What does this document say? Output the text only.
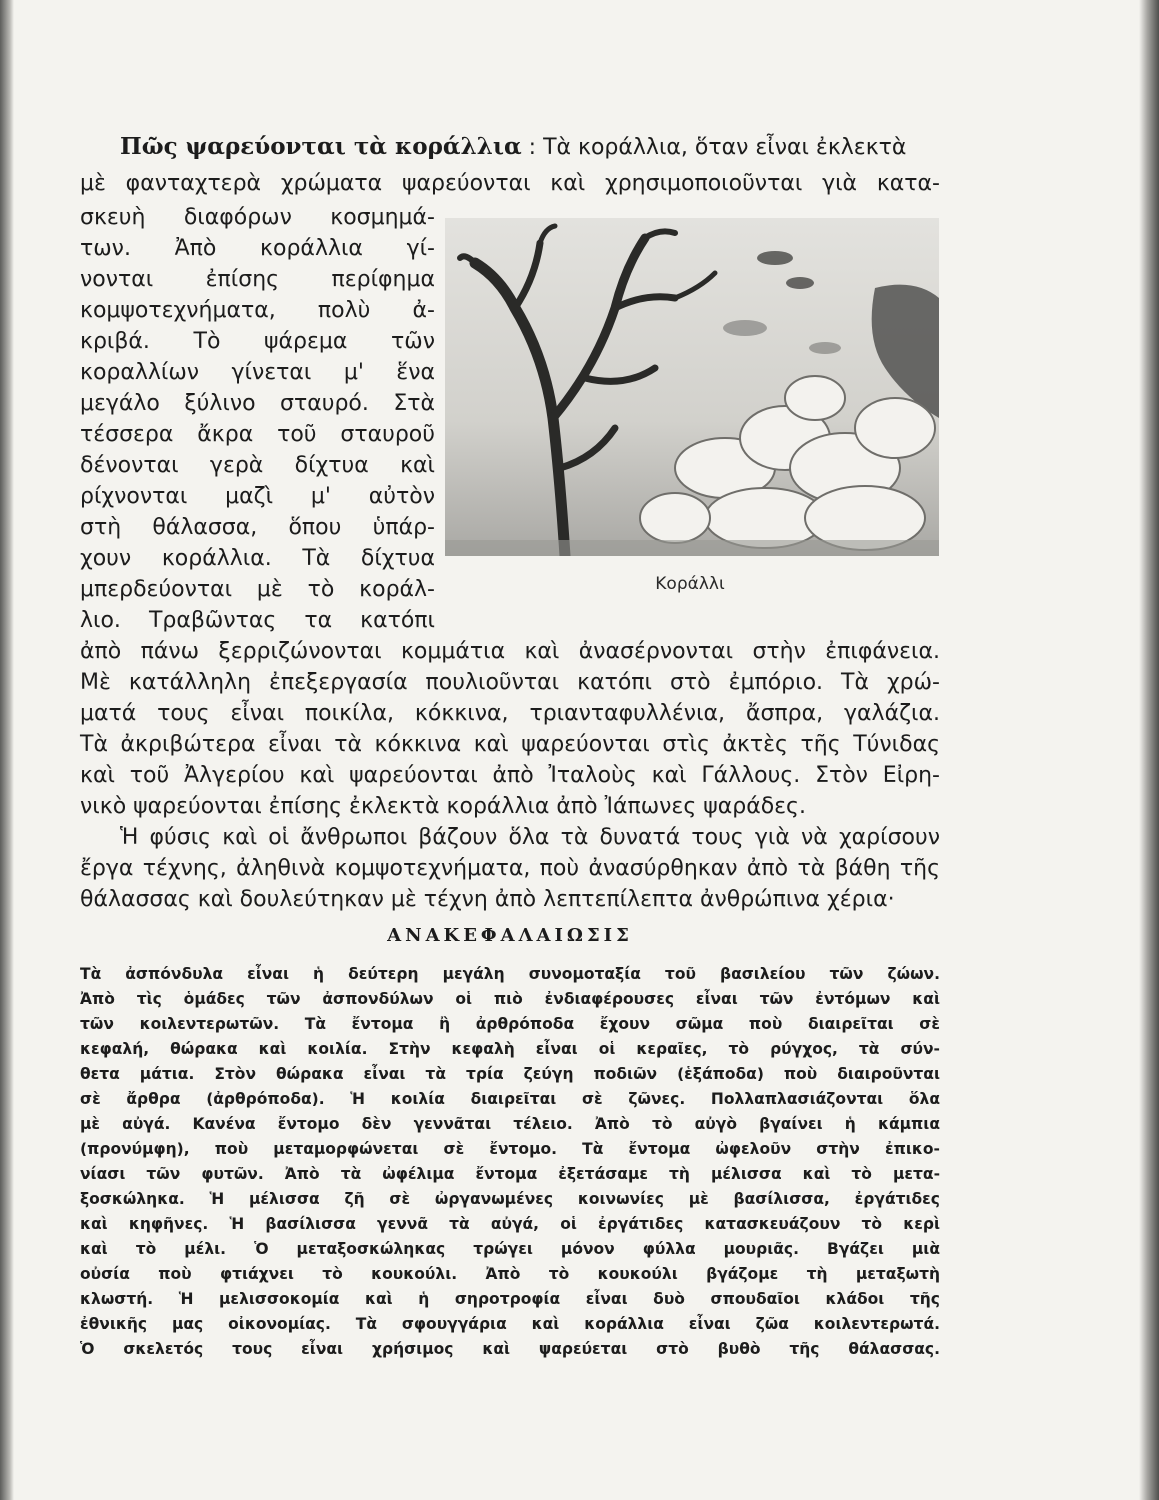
Πῶς ψαρεύονται τὰ κοράλλια : Τὰ κοράλλια, ὅταν εἶναι ἐκλεκτὰ
μὲ φανταχτερὰ χρώματα ψαρεύονται καὶ χρησιμοποιοῦνται γιὰ κατα-
σκευὴ διαφόρων κοσμημά-
των. Ἀπὸ κοράλλια γί-
νονται ἐπίσης περίφημα
κομψοτεχνήματα, πολὺ ἀ-
κριβά. Τὸ ψάρεμα τῶν
κοραλλίων γίνεται μ' ἕνα
μεγάλο ξύλινο σταυρό. Στὰ
τέσσερα ἄκρα τοῦ σταυροῦ
δένονται γερὰ δίχτυα καὶ
ρίχνονται μαζὶ μ' αὐτὸν
στὴ θάλασσα, ὅπου ὑπάρ-
χουν κοράλλια. Τὰ δίχτυα
μπερδεύονται μὲ τὸ κοράλ-
λιο. Τραβῶντας τα κατόπι
ἀπὸ πάνω ξερριζώνονται κομμάτια καὶ ἀνασέρνονται στὴν ἐπιφάνεια.
Μὲ κατάλληλη ἐπεξεργασία πουλιοῦνται κατόπι στὸ ἐμπόριο. Τὰ χρώ-
ματά τους εἶναι ποικίλα, κόκκινα, τριανταφυλλένια, ἄσπρα, γαλάζια.
Τὰ ἀκριβώτερα εἶναι τὰ κόκκινα καὶ ψαρεύονται στὶς ἀκτὲς τῆς Τύνιδας
καὶ τοῦ Ἀλγερίου καὶ ψαρεύονται ἀπὸ Ἰταλοὺς καὶ Γάλλους. Στὸν Εἰρη-
νικὸ ψαρεύονται ἐπίσης ἐκλεκτὰ κοράλλια ἀπὸ Ἰάπωνες ψαράδες.
Ἡ φύσις καὶ οἱ ἄνθρωποι βάζουν ὅλα τὰ δυνατά τους γιὰ νὰ χαρίσουν
ἔργα τέχνης, ἀληθινὰ κομψοτεχνήματα, ποὺ ἀνασύρθηκαν ἀπὸ τὰ βάθη τῆς
θάλασσας καὶ δουλεύτηκαν μὲ τέχνη ἀπὸ λεπτεπίλεπτα ἀνθρώπινα χέρια·
Κοράλλι
ΑΝΑΚΕΦΑΛΑΙΩΣΙΣ
Τὰ ἀσπόνδυλα εἶναι ἡ δεύτερη μεγάλη συνομοταξία τοῦ βασιλείου τῶν ζώων.
Ἀπὸ τὶς ὁμάδες τῶν ἀσπονδύλων οἱ πιὸ ἐνδιαφέρουσες εἶναι τῶν ἐντόμων καὶ
τῶν κοιλεντερωτῶν. Τὰ ἔντομα ἢ ἀρθρόποδα ἔχουν σῶμα ποὺ διαιρεῖται σὲ
κεφαλή, θώρακα καὶ κοιλία. Στὴν κεφαλὴ εἶναι οἱ κεραῖες, τὸ ρύγχος, τὰ σύν-
θετα μάτια. Στὸν θώρακα εἶναι τὰ τρία ζεύγη ποδιῶν (ἑξάποδα) ποὺ διαιροῦνται
σὲ ἄρθρα (ἀρθρόποδα). Ἡ κοιλία διαιρεῖται σὲ ζῶνες. Πολλαπλασιάζονται ὅλα
μὲ αὐγά. Κανένα ἔντομο δὲν γεννᾶται τέλειο. Ἀπὸ τὸ αὐγὸ βγαίνει ἡ κάμπια
(προνύμφη), ποὺ μεταμορφώνεται σὲ ἔντομο. Τὰ ἔντομα ὠφελοῦν στὴν ἐπικο-
νίασι τῶν φυτῶν. Ἀπὸ τὰ ὠφέλιμα ἔντομα ἐξετάσαμε τὴ μέλισσα καὶ τὸ μετα-
ξοσκώληκα. Ἡ μέλισσα ζῆ σὲ ὠργανωμένες κοινωνίες μὲ βασίλισσα, ἐργάτιδες
καὶ κηφῆνες. Ἡ βασίλισσα γεννᾶ τὰ αὐγά, οἱ ἐργάτιδες κατασκευάζουν τὸ κερὶ
καὶ τὸ μέλι. Ὁ μεταξοσκώληκας τρώγει μόνον φύλλα μουριᾶς. Βγάζει μιὰ
οὐσία ποὺ φτιάχνει τὸ κουκούλι. Ἀπὸ τὸ κουκούλι βγάζομε τὴ μεταξωτὴ
κλωστή. Ἡ μελισσοκομία καὶ ἡ σηροτροφία εἶναι δυὸ σπουδαῖοι κλάδοι τῆς
ἐθνικῆς μας οἰκονομίας. Τὰ σφουγγάρια καὶ κοράλλια εἶναι ζῶα κοιλεντερωτά.
Ὁ σκελετός τους εἶναι χρήσιμος καὶ ψαρεύεται στὸ βυθὸ τῆς θάλασσας.
